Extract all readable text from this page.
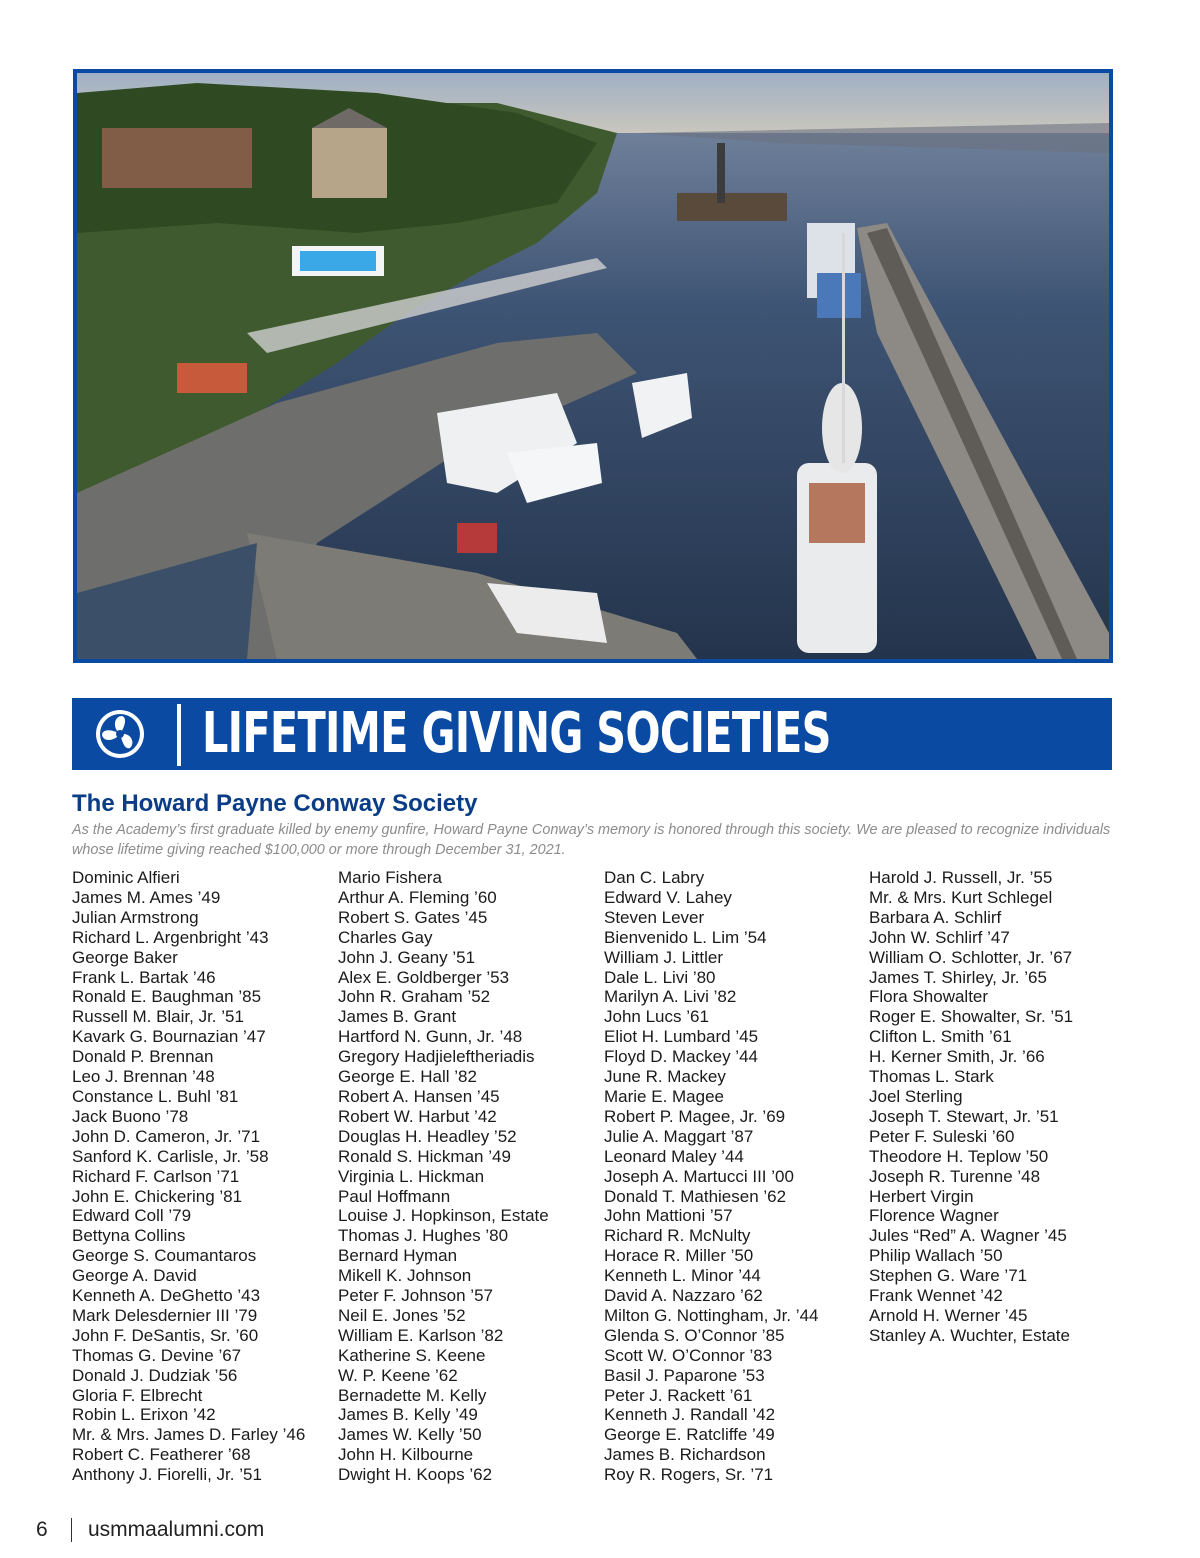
LIFETIME GIVING SOCIETIES
The Howard Payne Conway Society

As the Academy’s first graduate killed by enemy gunfire, Howard Payne Conway’s memory is honored through this society. We are pleased to recognize individuals whose lifetime giving reached $100,000 or more through December 31, 2021.

Dominic Alfieri
James M. Ames ’49
Julian Armstrong
Richard L. Argenbright ’43
George Baker
Frank L. Bartak ’46
Ronald E. Baughman ’85
Russell M. Blair, Jr. ’51
Kavark G. Bournazian ’47
Donald P. Brennan
Leo J. Brennan ’48
Constance L. Buhl ’81
Jack Buono ’78
John D. Cameron, Jr. ’71
Sanford K. Carlisle, Jr. ’58
Richard F. Carlson ’71
John E. Chickering ’81
Edward Coll ’79
Bettyna Collins
George S. Coumantaros
George A. David
Kenneth A. DeGhetto ’43
Mark Delesdernier III ’79
John F. DeSantis, Sr. ’60
Thomas G. Devine ’67
Donald J. Dudziak ’56
Gloria F. Elbrecht
Robin L. Erixon ’42
Mr. & Mrs. James D. Farley ’46
Robert C. Featherer ’68
Anthony J. Fiorelli, Jr. ’51
Mario Fishera
Arthur A. Fleming ’60
Robert S. Gates ’45
Charles Gay
John J. Geany ’51
Alex E. Goldberger ’53
John R. Graham ’52
James B. Grant
Hartford N. Gunn, Jr. ’48
Gregory Hadjieleftheriadis
George E. Hall ’82
Robert A. Hansen ’45
Robert W. Harbut ’42
Douglas H. Headley ’52
Ronald S. Hickman ’49
Virginia L. Hickman
Paul Hoffmann
Louise J. Hopkinson, Estate
Thomas J. Hughes ’80
Bernard Hyman
Mikell K. Johnson
Peter F. Johnson ’57
Neil E. Jones ’52
William E. Karlson ’82
Katherine S. Keene
W. P. Keene ’62
Bernadette M. Kelly
James B. Kelly ’49
James W. Kelly ’50
John H. Kilbourne
Dwight H. Koops ’62
Dan C. Labry
Edward V. Lahey
Steven Lever
Bienvenido L. Lim ’54
William J. Littler
Dale L. Livi ’80
Marilyn A. Livi ’82
John Lucs ’61
Eliot H. Lumbard ’45
Floyd D. Mackey ’44
June R. Mackey
Marie E. Magee
Robert P. Magee, Jr. ’69
Julie A. Maggart ’87
Leonard Maley ’44
Joseph A. Martucci III ’00
Donald T. Mathiesen ’62
John Mattioni ’57
Richard R. McNulty
Horace R. Miller ’50
Kenneth L. Minor ’44
David A. Nazzaro ’62
Milton G. Nottingham, Jr. ’44
Glenda S. O’Connor ’85
Scott W. O’Connor ’83
Basil J. Paparone ’53
Peter J. Rackett ’61
Kenneth J. Randall ’42
George E. Ratcliffe ’49
James B. Richardson
Roy R. Rogers, Sr. ’71
Harold J. Russell, Jr. ’55
Mr. & Mrs. Kurt Schlegel
Barbara A. Schlirf
John W. Schlirf ’47
William O. Schlotter, Jr. ’67
James T. Shirley, Jr. ’65
Flora Showalter
Roger E. Showalter, Sr. ’51
Clifton L. Smith ’61
H. Kerner Smith, Jr. ’66
Thomas L. Stark
Joel Sterling
Joseph T. Stewart, Jr. ’51
Peter F. Suleski ’60
Theodore H. Teplow ’50
Joseph R. Turenne ’48
Herbert Virgin
Florence Wagner
Jules “Red” A. Wagner ’45
Philip Wallach ’50
Stephen G. Ware ’71
Frank Wennet ’42
Arnold H. Werner ’45
Stanley A. Wuchter, Estate
6 usmmaalumni.com
